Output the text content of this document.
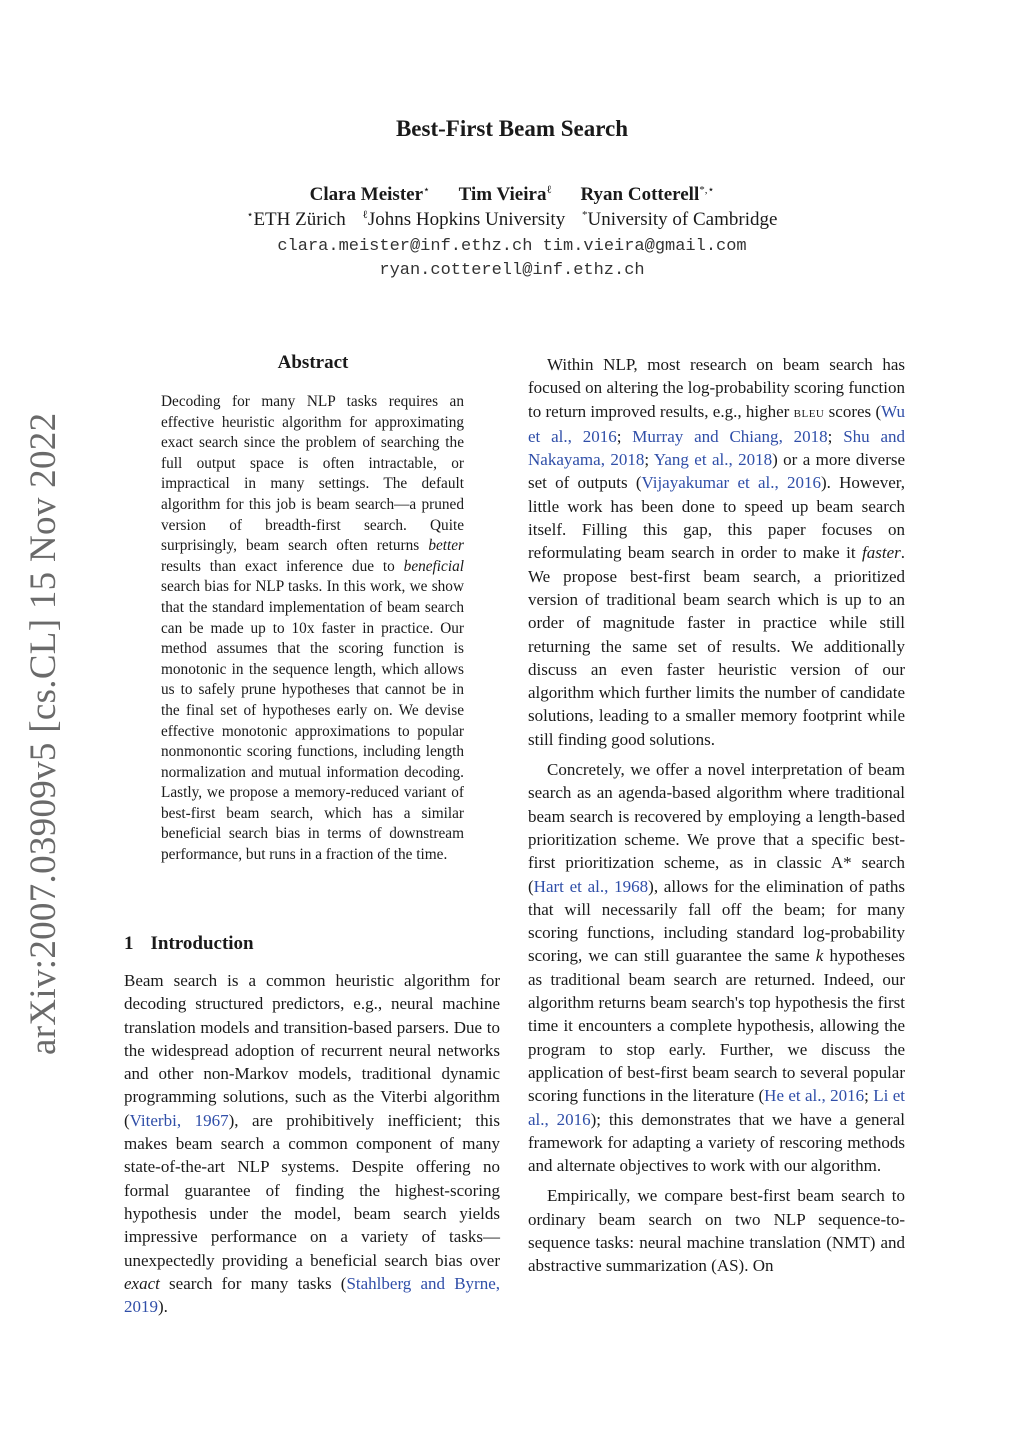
Best-First Beam Search
Clara Meister⋆ Tim Vieira$^\ell$ Ryan Cotterell*,⋆
⋆ETH Zürich $^\ell$Johns Hopkins University *University of Cambridge
clara.meister@inf.ethz.ch tim.vieira@gmail.com
ryan.cotterell@inf.ethz.ch
arXiv:2007.03909v5 [cs.CL] 15 Nov 2022
Abstract
Decoding for many NLP tasks requires an effective heuristic algorithm for approximating exact search since the problem of searching the full output space is often intractable, or impractical in many settings. The default algorithm for this job is beam search—a pruned version of breadth-first search. Quite surprisingly, beam search often returns better results than exact inference due to beneficial search bias for NLP tasks. In this work, we show that the standard implementation of beam search can be made up to 10x faster in practice. Our method assumes that the scoring function is monotonic in the sequence length, which allows us to safely prune hypotheses that cannot be in the final set of hypotheses early on. We devise effective monotonic approximations to popular nonmonontic scoring functions, including length normalization and mutual information decoding. Lastly, we propose a memory-reduced variant of best-first beam search, which has a similar beneficial search bias in terms of downstream performance, but runs in a fraction of the time.
1 Introduction

Beam search is a common heuristic algorithm for decoding structured predictors, e.g., neural machine translation models and transition-based parsers. Due to the widespread adoption of recurrent neural networks and other non-Markov models, traditional dynamic programming solutions, such as the Viterbi algorithm (Viterbi, 1967), are prohibitively inefficient; this makes beam search a common component of many state-of-the-art NLP systems. Despite offering no formal guarantee of finding the highest-scoring hypothesis under the model, beam search yields impressive performance on a variety of tasks—unexpectedly providing a beneficial search bias over exact search for many tasks (Stahlberg and Byrne, 2019).

Within NLP, most research on beam search has focused on altering the log-probability scoring function to return improved results, e.g., higher bleu scores (Wu et al., 2016; Murray and Chiang, 2018; Shu and Nakayama, 2018; Yang et al., 2018) or a more diverse set of outputs (Vijayakumar et al., 2016). However, little work has been done to speed up beam search itself. Filling this gap, this paper focuses on reformulating beam search in order to make it faster. We propose best-first beam search, a prioritized version of traditional beam search which is up to an order of magnitude faster in practice while still returning the same set of results. We additionally discuss an even faster heuristic version of our algorithm which further limits the number of candidate solutions, leading to a smaller memory footprint while still finding good solutions.

Concretely, we offer a novel interpretation of beam search as an agenda-based algorithm where traditional beam search is recovered by employing a length-based prioritization scheme. We prove that a specific best-first prioritization scheme, as in classic A* search (Hart et al., 1968), allows for the elimination of paths that will necessarily fall off the beam; for many scoring functions, including standard log-probability scoring, we can still guarantee the same k hypotheses as traditional beam search are returned. Indeed, our algorithm returns beam search's top hypothesis the first time it encounters a complete hypothesis, allowing the program to stop early. Further, we discuss the application of best-first beam search to several popular scoring functions in the literature (He et al., 2016; Li et al., 2016); this demonstrates that we have a general framework for adapting a variety of rescoring methods and alternate objectives to work with our algorithm.

Empirically, we compare best-first beam search to ordinary beam search on two NLP sequence-to-sequence tasks: neural machine translation (NMT) and abstractive summarization (AS). On
